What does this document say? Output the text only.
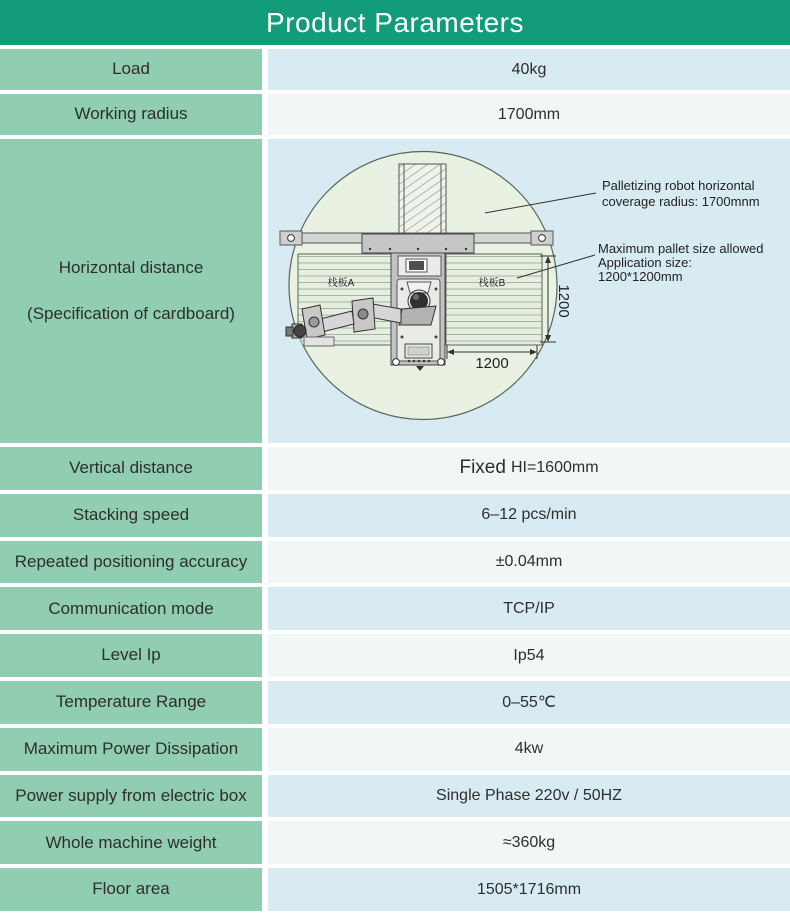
Product Parameters
Load	40kg
Working radius	1700mm
Horizontal distance
(Specification of cardboard)	1200
1200
栈板A	栈板B
Palletizing robot horizontal coverage radius: 1700mnm
Maximum pallet size allowed Application size: 1200*1200mm
Vertical distance	Fixed HI=1600mm
Stacking speed	6–12 pcs/min
Repeated positioning accuracy	±0.04mm
Communication mode	TCP/IP
Level Ip	Ip54
Temperature Range	0–55℃
Maximum Power Dissipation	4kw
Power supply from electric box	Single Phase 220v / 50HZ
Whole machine weight	≈360kg
Floor area	1505*1716mm
